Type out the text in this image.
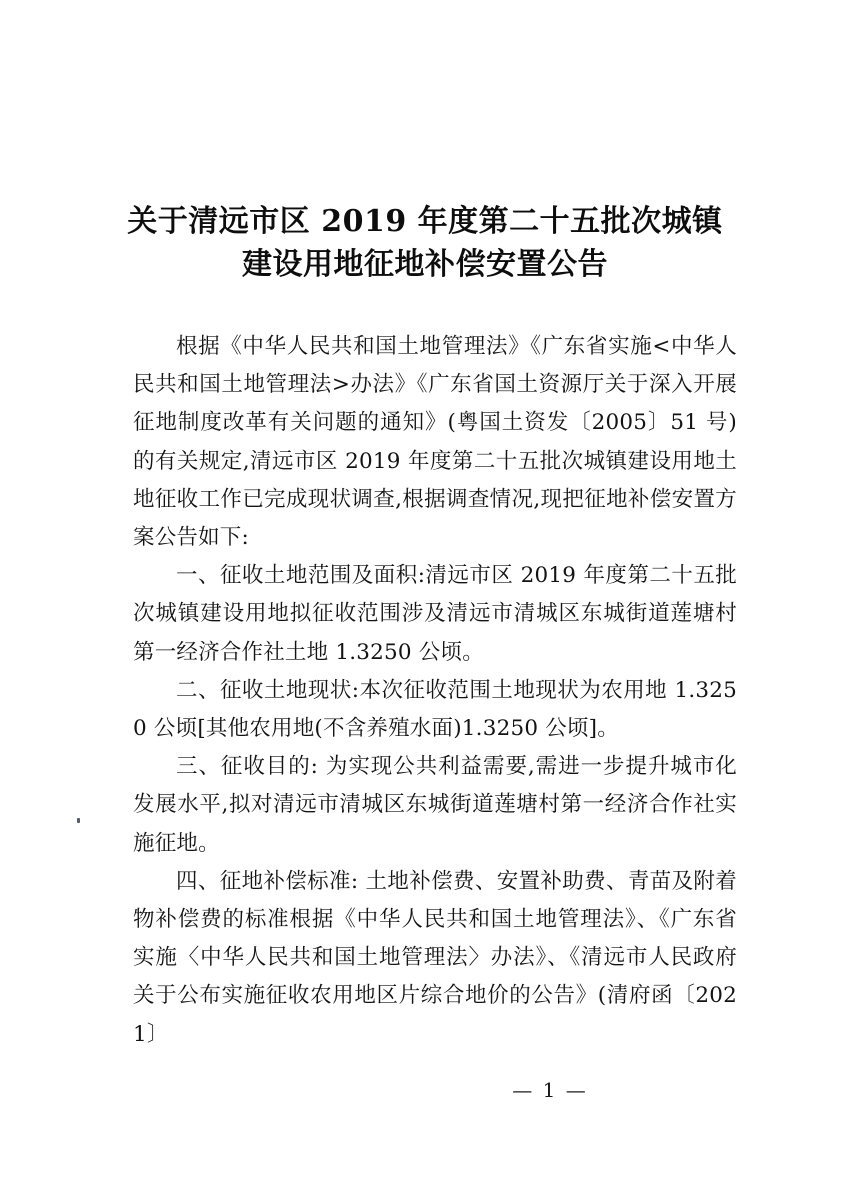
关于清远市区 2019 年度第二十五批次城镇
建设用地征地补偿安置公告

根据《中华人民共和国土地管理法》《广东省实施<中华人民共和国土地管理法>办法》《广东省国土资源厅关于深入开展征地制度改革有关问题的通知》(粤国土资发〔2005〕51 号)的有关规定,清远市区 2019 年度第二十五批次城镇建设用地土地征收工作已完成现状调查,根据调查情况,现把征地补偿安置方案公告如下:

一、征收土地范围及面积:清远市区 2019 年度第二十五批次城镇建设用地拟征收范围涉及清远市清城区东城街道莲塘村第一经济合作社土地 1.3250 公顷。

二、征收土地现状:本次征收范围土地现状为农用地 1.3250 公顷[其他农用地(不含养殖水面)1.3250 公顷]。

三、征收目的: 为实现公共利益需要,需进一步提升城市化发展水平,拟对清远市清城区东城街道莲塘村第一经济合作社实施征地。

四、征地补偿标准: 土地补偿费、安置补助费、青苗及附着物补偿费的标准根据《中华人民共和国土地管理法》、《广东省实施〈中华人民共和国土地管理法〉办法》、《清远市人民政府关于公布实施征收农用地区片综合地价的公告》(清府函〔2021〕

— 1 —
